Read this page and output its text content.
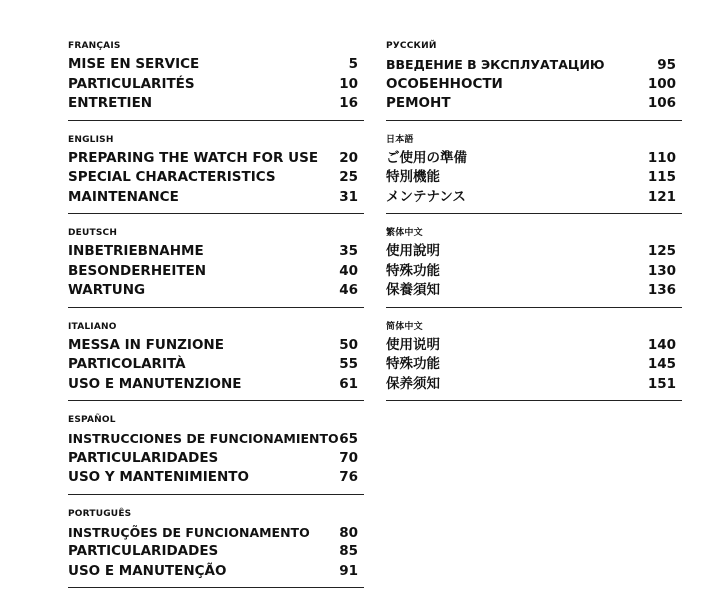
FRANÇAIS
MISE EN SERVICE	5
PARTICULARITÉS	10
ENTRETIEN	16
ENGLISH
PREPARING THE WATCH FOR USE 20
SPECIAL CHARACTERISTICS	25
MAINTENANCE	31
DEUTSCH
INBETRIEBNAHME	35
BESONDERHEITEN	40
WARTUNG	46
ITALIANO
MESSA IN FUNZIONE	50
PARTICOLARITÀ	55
USO E MANUTENZIONE	61
ESPAÑOL
INSTRUCCIONES DE FUNCIONAMIENTO 65
PARTICULARIDADES	70
USO Y MANTENIMIENTO	76
PORTUGUÊS
INSTRUÇÕES DE FUNCIONAMENTO 80
PARTICULARIDADES	85
USO E MANUTENÇÃO	91
РУССКИЙ
ВВЕДЕНИЕ В ЭКСПЛУАТАЦИЮ	95
ОСОБЕННОСТИ	100
РЕМОНТ	106
日本語
ご使用の準備	110
特別機能	115
メンテナンス	121
繁体中文
使用說明	125
特殊功能	130
保養須知	136
简体中文
使用说明	140
特殊功能	145
保养须知	151
